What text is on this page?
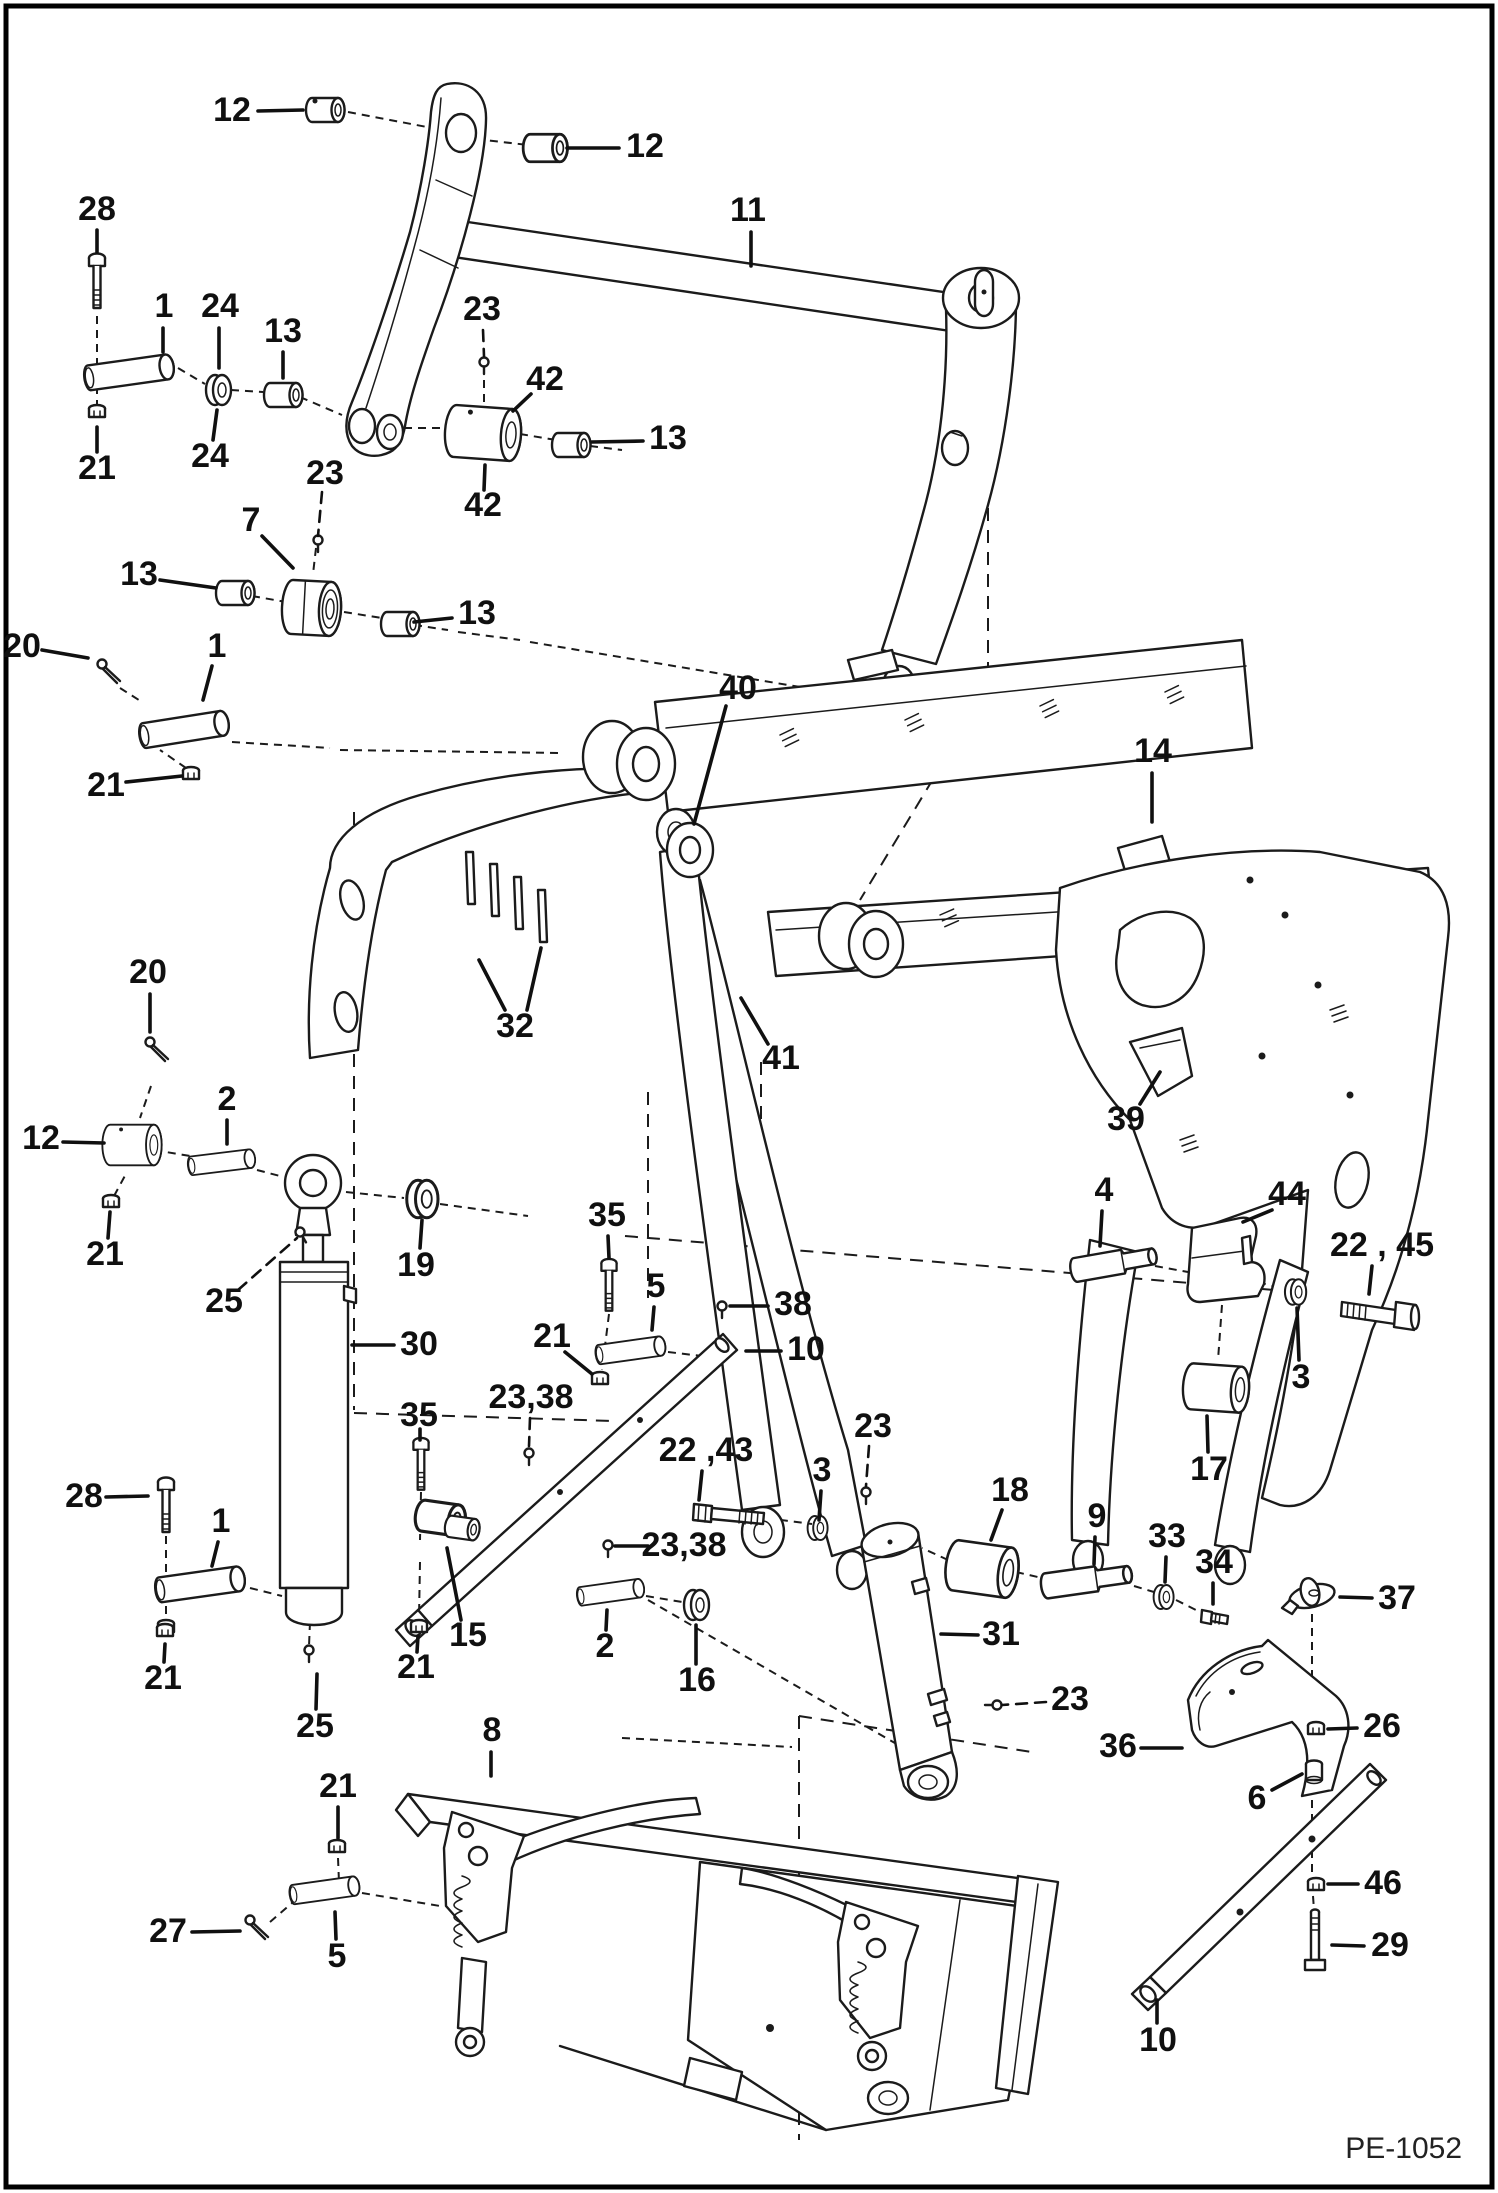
12
12
11
28
1 24
13
23
42
13
21 24
42
23
7
13
13
1
20
21
40
32
14
41
39
20
12
2
21
25
19
30
35
5	38
10
21
23,38
22 ,43
3
23
4	44
22 , 45
3
17
28
1
35
15
21
23,38
2
16
31
18
9
33
34
37
23
36
26
6
46
29
10
8
21
25
27
5
21
PE-1052
